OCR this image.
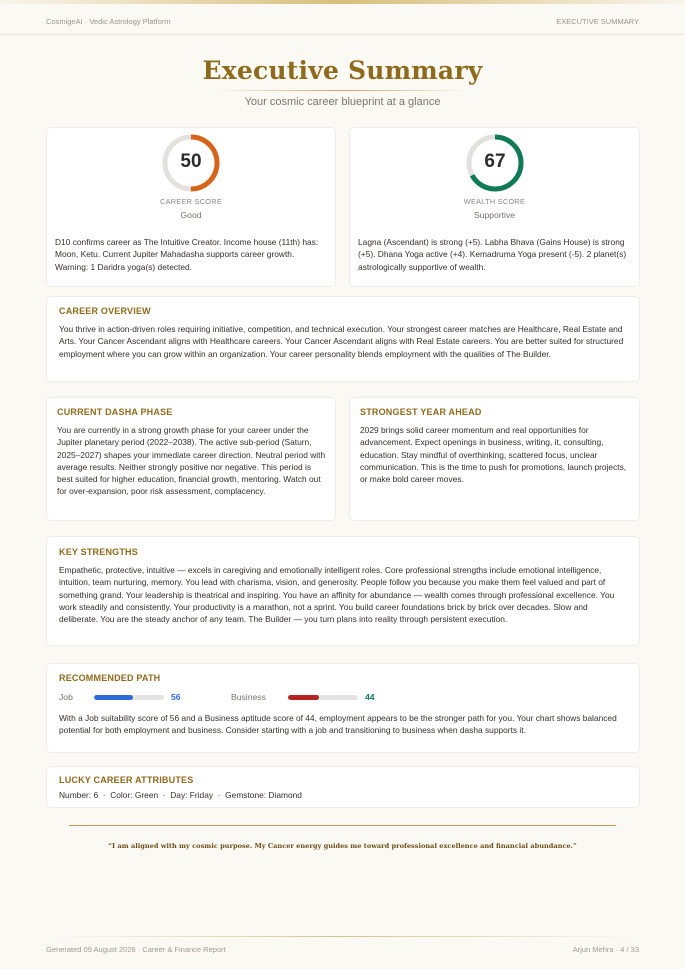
CosmigeAI · Vedic Astrology Platform	EXECUTIVE SUMMARY
Executive Summary
Your cosmic career blueprint at a glance
50
CAREER SCORE
Good
D10 confirms career as The Intuitive Creator. Income house (11th) has: Moon, Ketu. Current Jupiter Mahadasha supports career growth. Warning: 1 Daridra yoga(s) detected.
67
WEALTH SCORE
Supportive
Lagna (Ascendant) is strong (+5). Labha Bhava (Gains House) is strong (+5). Dhana Yoga active (+4). Kemadruma Yoga present (-5). 2 planet(s) astrologically supportive of wealth.
CAREER OVERVIEW
You thrive in action-driven roles requiring initiative, competition, and technical execution. Your strongest career matches are Healthcare, Real Estate and Arts. Your Cancer Ascendant aligns with Healthcare careers. Your Cancer Ascendant aligns with Real Estate careers. You are better suited for structured employment where you can grow within an organization. Your career personality blends employment with the qualities of The Builder.
CURRENT DASHA PHASE
You are currently in a strong growth phase for your career under the Jupiter planetary period (2022–2038). The active sub-period (Saturn, 2025–2027) shapes your immediate career direction. Neutral period with average results. Neither strongly positive nor negative. This period is best suited for higher education, financial growth, mentoring. Watch out for over-expansion, poor risk assessment, complacency.
STRONGEST YEAR AHEAD
2029 brings solid career momentum and real opportunities for advancement. Expect openings in business, writing, it, consulting, education. Stay mindful of overthinking, scattered focus, unclear communication. This is the time to push for promotions, launch projects, or make bold career moves.
KEY STRENGTHS
Empathetic, protective, intuitive — excels in caregiving and emotionally intelligent roles. Core professional strengths include emotional intelligence, intuition, team nurturing, memory. You lead with charisma, vision, and generosity. People follow you because you make them feel valued and part of something grand. Your leadership is theatrical and inspiring. You have an affinity for abundance — wealth comes through professional excellence. You work steadily and consistently. Your productivity is a marathon, not a sprint. You build career foundations brick by brick over decades. Slow and deliberate. You are the steady anchor of any team. The Builder — you turn plans into reality through persistent execution.
RECOMMENDED PATH
Job	56	Business	44
With a Job suitability score of 56 and a Business aptitude score of 44, employment appears to be the stronger path for you. Your chart shows balanced potential for both employment and business. Consider starting with a job and transitioning to business when dasha supports it.
LUCKY CAREER ATTRIBUTES
Number: 6  ·  Color: Green  ·  Day: Friday  ·  Gemstone: Diamond
“I am aligned with my cosmic purpose. My Cancer energy guides me toward professional excellence and financial abundance.”
Generated 09 August 2026 · Career & Finance Report	Arjun Mehra · 4 / 33
